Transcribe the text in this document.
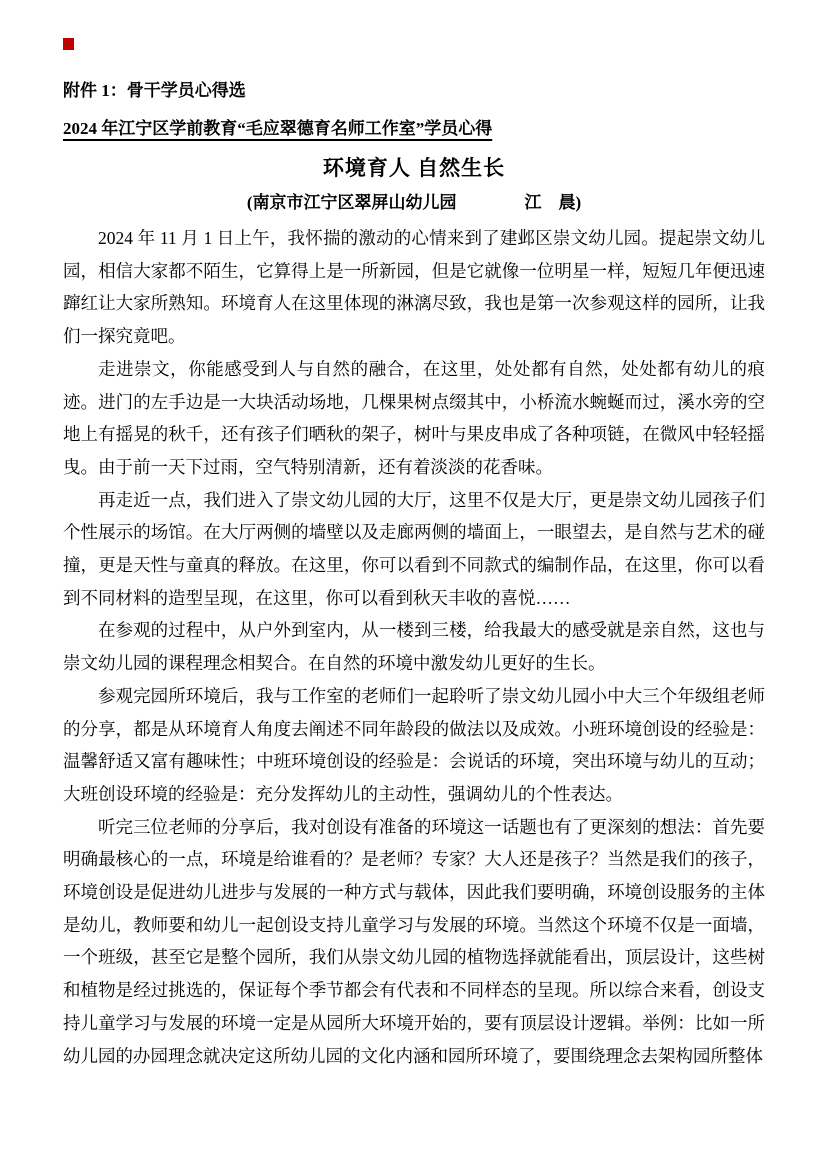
附件 1：骨干学员心得选
2024 年江宁区学前教育“毛应翠德育名师工作室”学员心得
环境育人 自然生长
(南京市江宁区翠屏山幼儿园　　　　江　晨)

2024 年 11 月 1 日上午，我怀揣的激动的心情来到了建邺区崇文幼儿园。提起崇文幼儿园，相信大家都不陌生，它算得上是一所新园，但是它就像一位明星一样，短短几年便迅速蹿红让大家所熟知。环境育人在这里体现的淋漓尽致，我也是第一次参观这样的园所，让我们一探究竟吧。

走进崇文，你能感受到人与自然的融合，在这里，处处都有自然，处处都有幼儿的痕迹。进门的左手边是一大块活动场地，几棵果树点缀其中，小桥流水蜿蜒而过，溪水旁的空地上有摇晃的秋千，还有孩子们晒秋的架子，树叶与果皮串成了各种项链，在微风中轻轻摇曳。由于前一天下过雨，空气特别清新，还有着淡淡的花香味。

再走近一点，我们进入了崇文幼儿园的大厅，这里不仅是大厅，更是崇文幼儿园孩子们个性展示的场馆。在大厅两侧的墙壁以及走廊两侧的墙面上，一眼望去，是自然与艺术的碰撞，更是天性与童真的释放。在这里，你可以看到不同款式的编制作品，在这里，你可以看到不同材料的造型呈现，在这里，你可以看到秋天丰收的喜悦……

在参观的过程中，从户外到室内，从一楼到三楼，给我最大的感受就是亲自然，这也与崇文幼儿园的课程理念相契合。在自然的环境中激发幼儿更好的生长。

参观完园所环境后，我与工作室的老师们一起聆听了崇文幼儿园小中大三个年级组老师的分享，都是从环境育人角度去阐述不同年龄段的做法以及成效。小班环境创设的经验是：温馨舒适又富有趣味性；中班环境创设的经验是：会说话的环境，突出环境与幼儿的互动；大班创设环境的经验是：充分发挥幼儿的主动性，强调幼儿的个性表达。

听完三位老师的分享后，我对创设有准备的环境这一话题也有了更深刻的想法：首先要明确最核心的一点，环境是给谁看的？是老师？专家？大人还是孩子？当然是我们的孩子，环境创设是促进幼儿进步与发展的一种方式与载体，因此我们要明确，环境创设服务的主体是幼儿，教师要和幼儿一起创设支持儿童学习与发展的环境。当然这个环境不仅是一面墙，一个班级，甚至它是整个园所，我们从崇文幼儿园的植物选择就能看出，顶层设计，这些树和植物是经过挑选的，保证每个季节都会有代表和不同样态的呈现。所以综合来看，创设支持儿童学习与发展的环境一定是从园所大环境开始的，要有顶层设计逻辑。举例：比如一所幼儿园的办园理念就决定这所幼儿园的文化内涵和园所环境了，要围绕理念去架构园所整体
